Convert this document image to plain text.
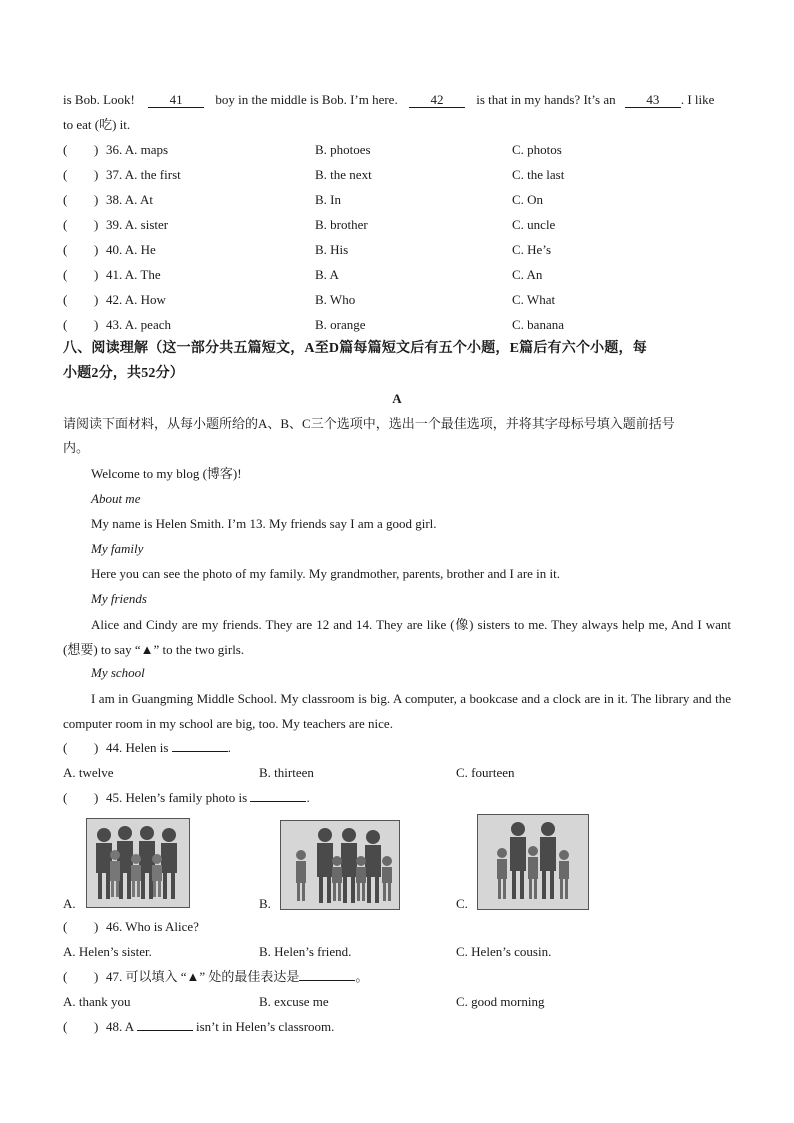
is Bob. Look!	41	boy in the middle is Bob. I’m here.	42	is that in my hands? It’s an 43 . I like
to eat (吃) it.
( ) 36. A. maps	B. photoes	C. photos
( ) 37. A. the first	B. the next	C. the last
( ) 38. A. At	B. In	C. On
( ) 39. A. sister	B. brother	C. uncle
( ) 40. A. He	B. His	C. He’s
( ) 41. A. The	B. A	C. An
( ) 42. A. How	B. Who	C. What
( ) 43. A. peach	B. orange	C. banana
八、阅读理解（这一部分共五篇短文，A至D篇每篇短文后有五个小题，E篇后有六个小题，每
小题2分，共52分）
A
请阅读下面材料，从每小题所给的A、B、C三个选项中，选出一个最佳选项，并将其字母标号填入题前括号
内。
Welcome to my blog (博客)!
About me
My name is Helen Smith. I’m 13. My friends say I am a good girl.
My family
Here you can see the photo of my family. My grandmother, parents, brother and I are in it.
My friends
Alice and Cindy are my friends. They are 12 and 14. They are like (像) sisters to me. They always help me, And I want (想要) to say “▲” to the two girls.
My school
I am in Guangming Middle School. My classroom is big. A computer, a bookcase and a clock are in it. The library and the computer room in my school are big, too. My teachers are nice.
( ) 44. Helen is	.
A. twelve	B. thirteen	C. fourteen
( ) 45. Helen’s family photo is	.
A.	B.	C.
( ) 46. Who is Alice?
A. Helen’s sister.	B. Helen’s friend.	C. Helen’s cousin.
( ) 47. 可以填入 “▲” 处的最佳表达是	。
A. thank you	B. excuse me	C. good morning
( ) 48. A	isn’t in Helen’s classroom.
